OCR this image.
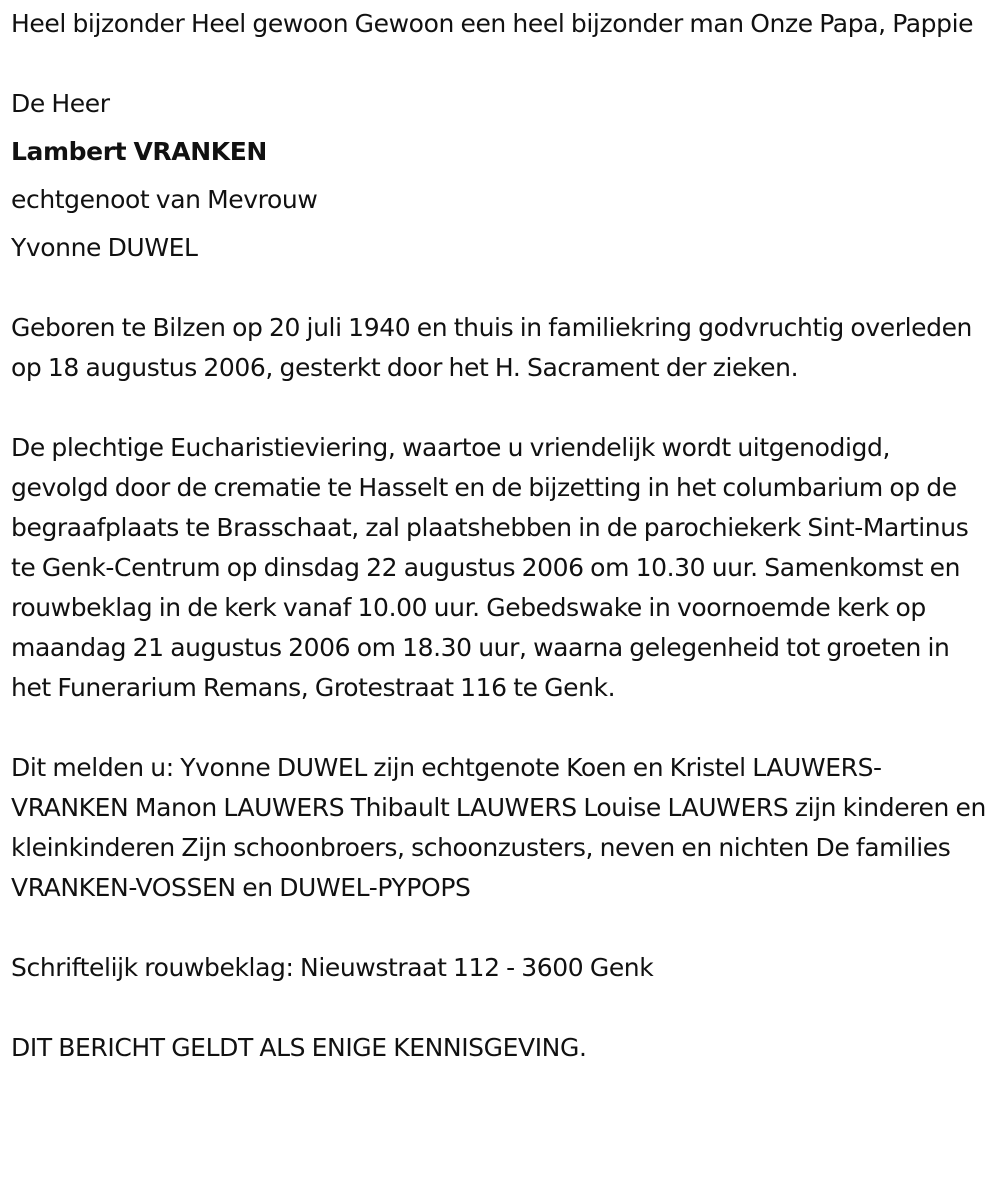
Heel bijzonder Heel gewoon Gewoon een heel bijzonder man Onze Papa, Pappie

De Heer

Lambert VRANKEN

echtgenoot van Mevrouw

Yvonne DUWEL

Geboren te Bilzen op 20 juli 1940 en thuis in familiekring godvruchtig overleden op 18 augustus 2006, gesterkt door het H. Sacrament der zieken.

De plechtige Eucharistieviering, waartoe u vriendelijk wordt uitgenodigd, gevolgd door de crematie te Hasselt en de bijzetting in het columbarium op de begraafplaats te Brasschaat, zal plaatshebben in de parochiekerk Sint-Martinus te Genk-Centrum op dinsdag 22 augustus 2006 om 10.30 uur. Samenkomst en rouwbeklag in de kerk vanaf 10.00 uur. Gebedswake in voornoemde kerk op maandag 21 augustus 2006 om 18.30 uur, waarna gelegenheid tot groeten in het Funerarium Remans, Grotestraat 116 te Genk.

Dit melden u: Yvonne DUWEL zijn echtgenote Koen en Kristel LAUWERS-VRANKEN Manon LAUWERS Thibault LAUWERS Louise LAUWERS zijn kinderen en kleinkinderen Zijn schoonbroers, schoonzusters, neven en nichten De families VRANKEN-VOSSEN en DUWEL-PYPOPS

Schriftelijk rouwbeklag: Nieuwstraat 112 - 3600 Genk

DIT BERICHT GELDT ALS ENIGE KENNISGEVING.
